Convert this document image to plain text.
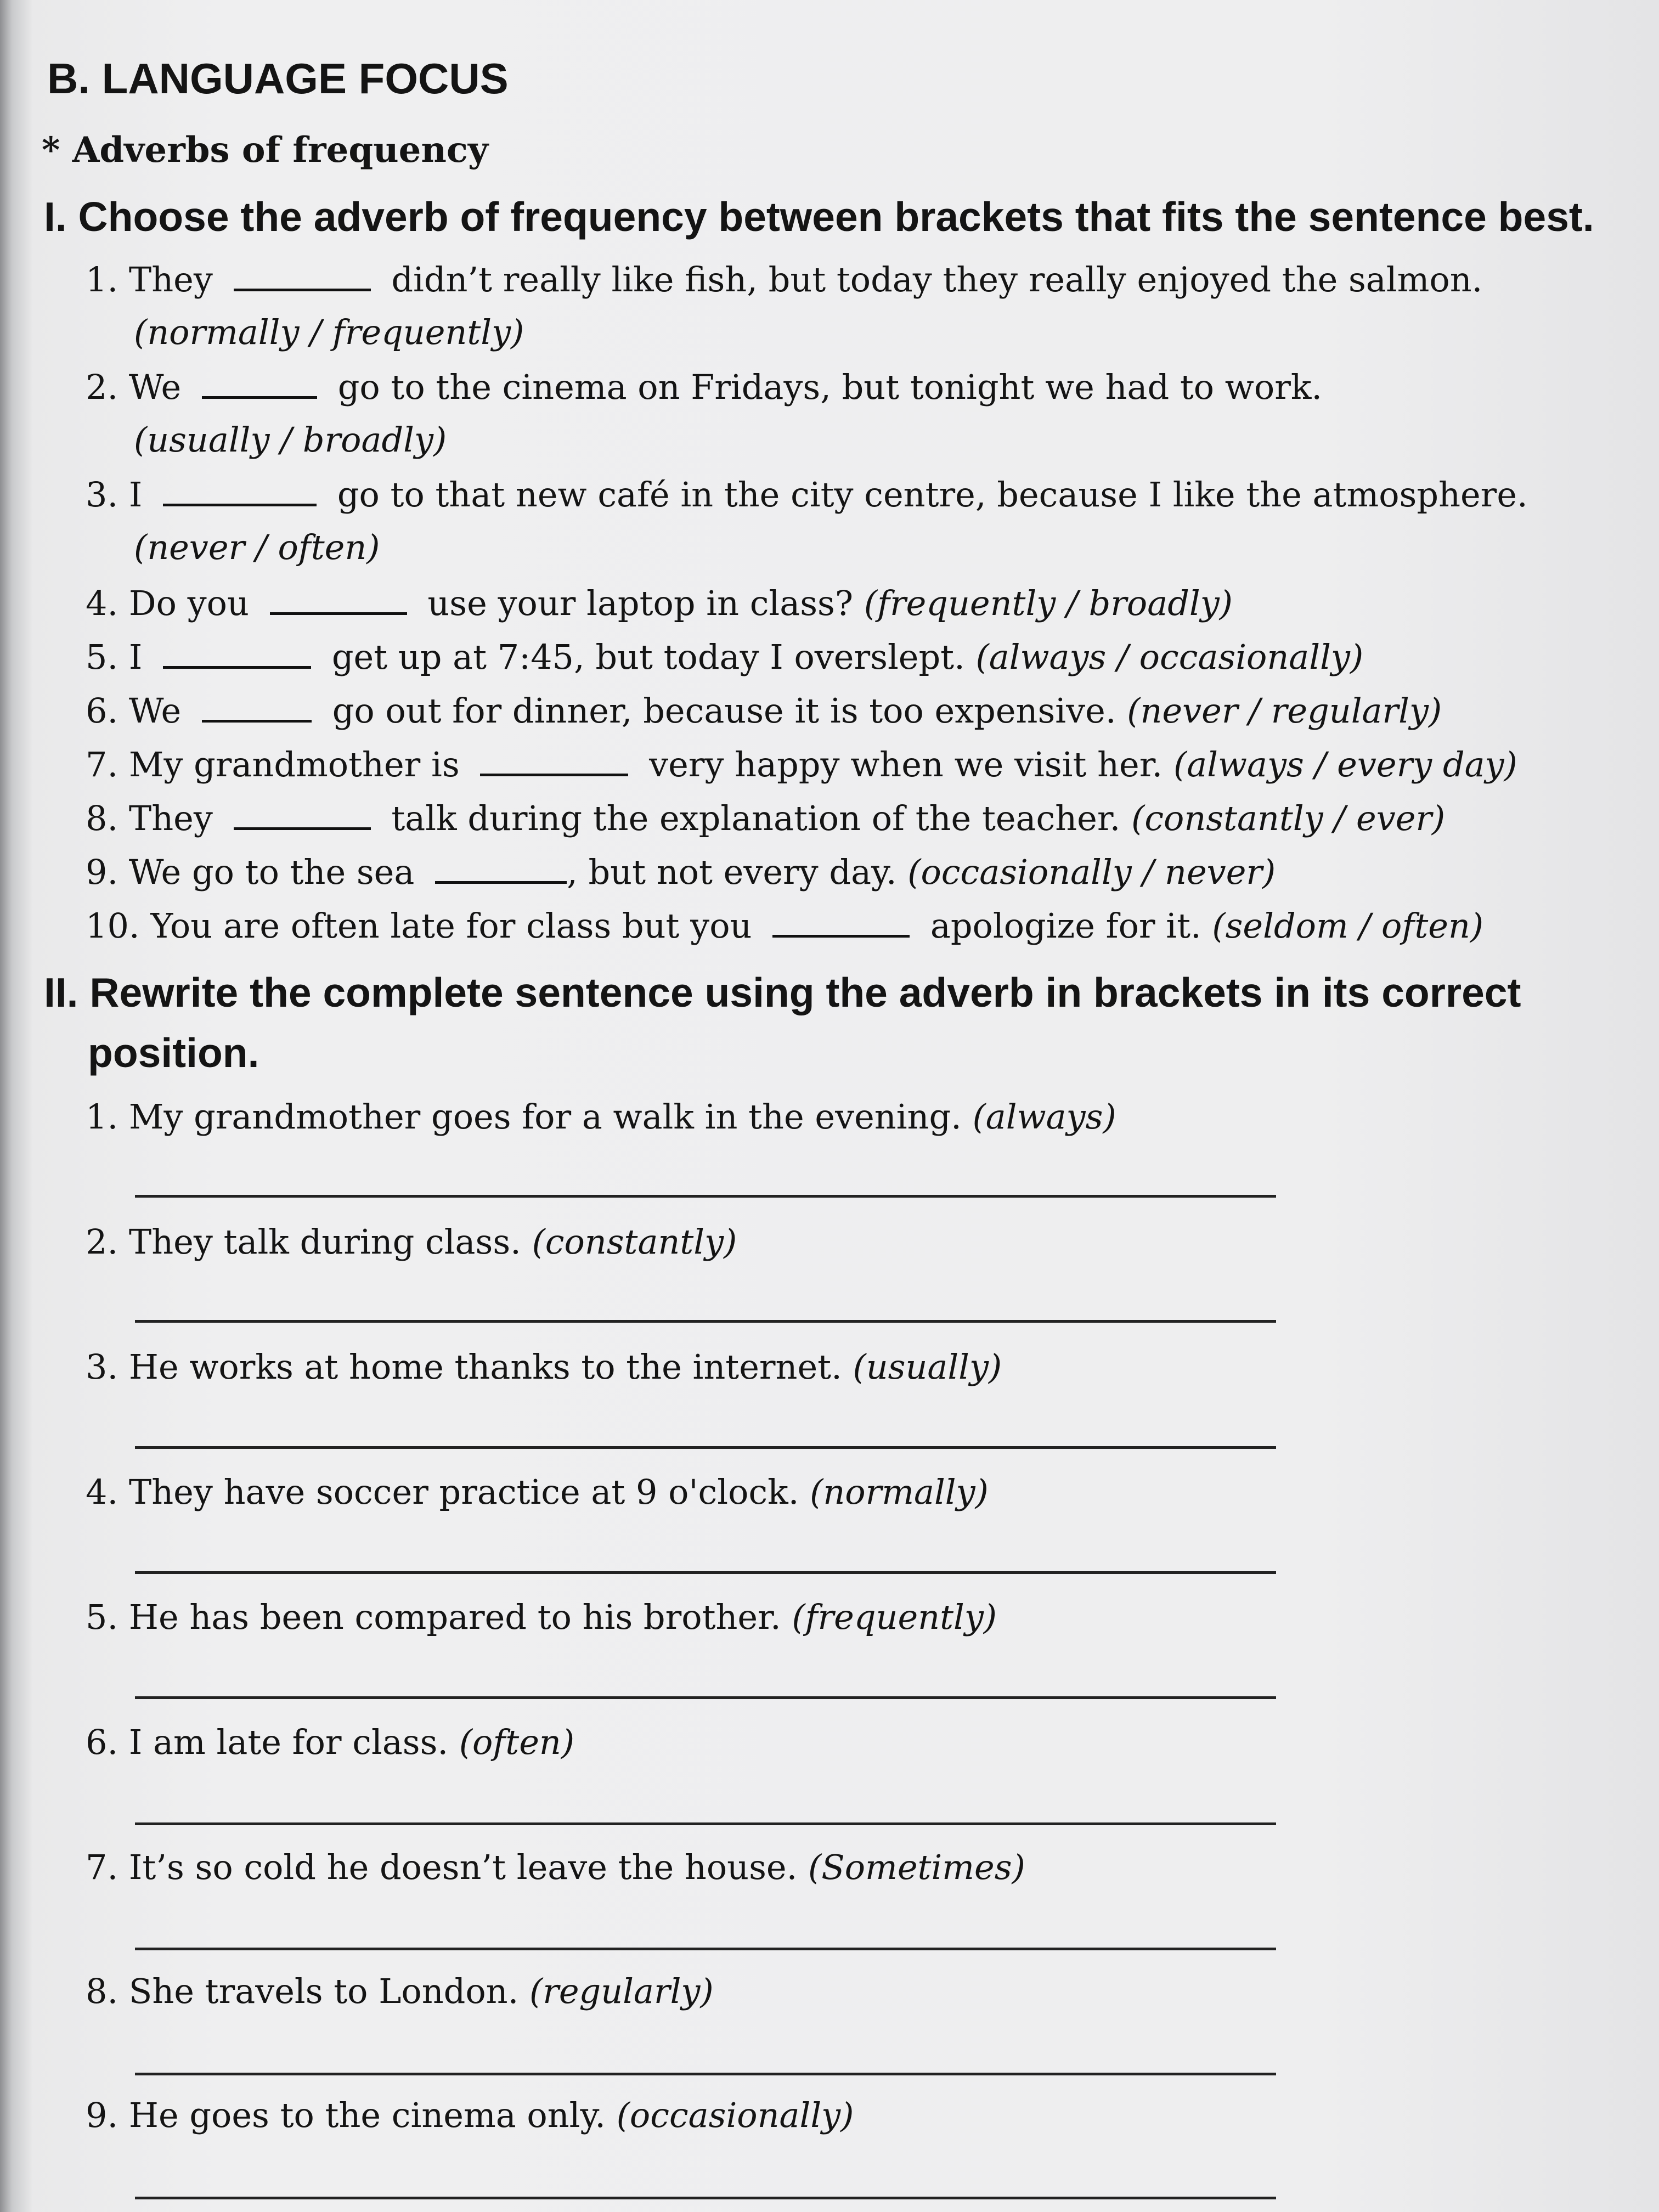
B. LANGUAGE FOCUS
* Adverbs of frequency
I. Choose the adverb of frequency between brackets that fits the sentence best.
1. They	didn’t really like fish, but today they really enjoyed the salmon.
(normally / frequently)
2. We	go to the cinema on Fridays, but tonight we had to work.
(usually / broadly)
3. I	go to that new café in the city centre, because I like the atmosphere.
(never / often)
4. Do you	use your laptop in class? (frequently / broadly)
5. I	get up at 7:45, but today I overslept. (always / occasionally)
6. We	go out for dinner, because it is too expensive. (never / regularly)
7. My grandmother is	very happy when we visit her. (always / every day)
8. They	talk during the explanation of the teacher. (constantly / ever)
9. We go to the sea	, but not every day. (occasionally / never)
10. You are often late for class but you	apologize for it. (seldom / often)
II. Rewrite the complete sentence using the adverb in brackets in its correct
position.
1. My grandmother goes for a walk in the evening. (always)
2. They talk during class. (constantly)
3. He works at home thanks to the internet. (usually)
4. They have soccer practice at 9 o'clock. (normally)
5. He has been compared to his brother. (frequently)
6. I am late for class. (often)
7. It’s so cold he doesn’t leave the house. (Sometimes)
8. She travels to London. (regularly)
9. He goes to the cinema only. (occasionally)
